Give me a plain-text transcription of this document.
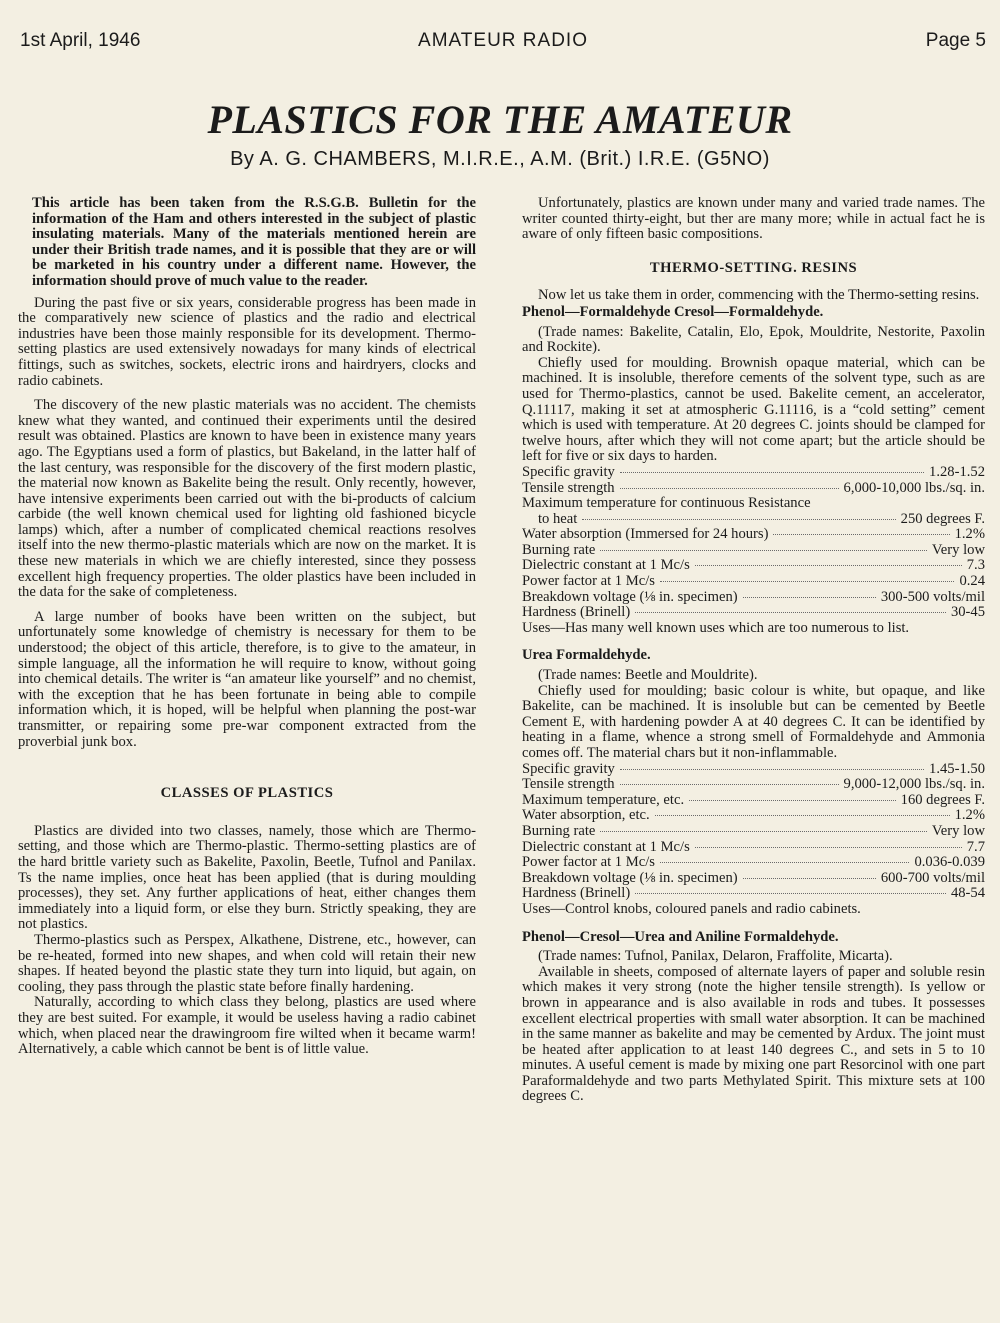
1st April, 1946	AMATEUR RADIO	Page 5
PLASTICS FOR THE AMATEUR
By A. G. CHAMBERS, M.I.R.E., A.M. (Brit.) I.R.E. (G5NO)

This article has been taken from the R.S.G.B. Bulletin for the information of the Ham and others interested in the subject of plastic insulating materials. Many of the materials mentioned herein are under their British trade names, and it is possible that they are or will be marketed in his country under a different name. However, the information should prove of much value to the reader.

During the past five or six years, considerable progress has been made in the comparatively new science of plastics and the radio and electrical industries have been those mainly responsible for its development. Thermo-setting plastics are used extensively nowadays for many kinds of electrical fittings, such as switches, sockets, electric irons and hairdryers, clocks and radio cabinets.

The discovery of the new plastic materials was no accident. The chemists knew what they wanted, and continued their experiments until the desired result was obtained. Plastics are known to have been in existence many years ago. The Egyptians used a form of plastics, but Bakeland, in the latter half of the last century, was responsible for the discovery of the first modern plastic, the material now known as Bakelite being the result. Only recently, however, have intensive experiments been carried out with the bi-products of calcium carbide (the well known chemical used for lighting old fashioned bicycle lamps) which, after a number of complicated chemical reactions resolves itself into the new thermo-plastic materials which are now on the market. It is these new materials in which we are chiefly interested, since they possess excellent high frequency properties. The older plastics have been included in the data for the sake of completeness.

A large number of books have been written on the subject, but unfortunately some knowledge of chemistry is necessary for them to be understood; the object of this article, therefore, is to give to the amateur, in simple language, all the information he will require to know, without going into chemical details. The writer is “an amateur like yourself” and no chemist, with the exception that he has been fortunate in being able to compile information which, it is hoped, will be helpful when planning the post-war transmitter, or repairing some pre-war component extracted from the proverbial junk box.

CLASSES OF PLASTICS

Plastics are divided into two classes, namely, those which are Thermo-setting, and those which are Thermo-plastic. Thermo-setting plastics are of the hard brittle variety such as Bakelite, Paxolin, Beetle, Tufnol and Panilax. Ts the name implies, once heat has been applied (that is during moulding processes), they set. Any further applications of heat, either changes them immediately into a liquid form, or else they burn. Strictly speaking, they are not plastics.

Thermo-plastics such as Perspex, Alkathene, Distrene, etc., however, can be re-heated, formed into new shapes, and when cold will retain their new shapes. If heated beyond the plastic state they turn into liquid, but again, on cooling, they pass through the plastic state before finally hardening.

Naturally, according to which class they belong, plastics are used where they are best suited. For example, it would be useless having a radio cabinet which, when placed near the drawingroom fire wilted when it became warm! Alternatively, a cable which cannot be bent is of little value.

Unfortunately, plastics are known under many and varied trade names. The writer counted thirty-eight, but ther are many more; while in actual fact he is aware of only fifteen basic compositions.

THERMO-SETTING. RESINS

Now let us take them in order, commencing with the Thermo-setting resins.

Phenol—Formaldehyde Cresol—Formaldehyde.

(Trade names: Bakelite, Catalin, Elo, Epok, Mouldrite, Nestorite, Paxolin and Rockite).

Chiefly used for moulding. Brownish opaque material, which can be machined. It is insoluble, therefore cements of the solvent type, such as are used for Thermo-plastics, cannot be used. Bakelite cement, an accelerator, Q.11117, making it set at atmospheric G.11116, is a “cold setting” cement which is used with temperature. At 20 degrees C. joints should be clamped for twelve hours, after which they will not come apart; but the article should be left for five or six days to harden.

Specific gravity	1.28-1.52
Tensile strength	6,000-10,000 lbs./sq. in.
Maximum temperature for continuous Resistance
to heat	250 degrees F.
Water absorption (Immersed for 24 hours)	1.2%
Burning rate	Very low
Dielectric constant at 1 Mc/s	7.3
Power factor at 1 Mc/s	0.24
Breakdown voltage (⅛ in. specimen)	300-500 volts/mil
Hardness (Brinell)	30-45

Uses—Has many well known uses which are too numerous to list.

Urea Formaldehyde.

(Trade names: Beetle and Mouldrite).

Chiefly used for moulding; basic colour is white, but opaque, and like Bakelite, can be machined. It is insoluble but can be cemented by Beetle Cement E, with hardening powder A at 40 degrees C. It can be identified by heating in a flame, whence a strong smell of Formaldehyde and Ammonia comes off. The material chars but it non-inflammable.

Specific gravity	1.45-1.50
Tensile strength	9,000-12,000 lbs./sq. in.
Maximum temperature, etc.	160 degrees F.
Water absorption, etc.	1.2%
Burning rate	Very low
Dielectric constant at 1 Mc/s	7.7
Power factor at 1 Mc/s	0.036-0.039
Breakdown voltage (⅛ in. specimen)	600-700 volts/mil
Hardness (Brinell)	48-54

Uses—Control knobs, coloured panels and radio cabinets.

Phenol—Cresol—Urea and Aniline Formaldehyde.

(Trade names: Tufnol, Panilax, Delaron, Fraffolite, Micarta).

Available in sheets, composed of alternate layers of paper and soluble resin which makes it very strong (note the higher tensile strength). Is yellow or brown in appearance and is also available in rods and tubes. It possesses excellent electrical properties with small water absorption. It can be machined in the same manner as bakelite and may be cemented by Ardux. The joint must be heated after application to at least 140 degrees C., and sets in 5 to 10 minutes. A useful cement is made by mixing one part Resorcinol with one part Paraformaldehyde and two parts Methylated Spirit. This mixture sets at 100 degrees C.
